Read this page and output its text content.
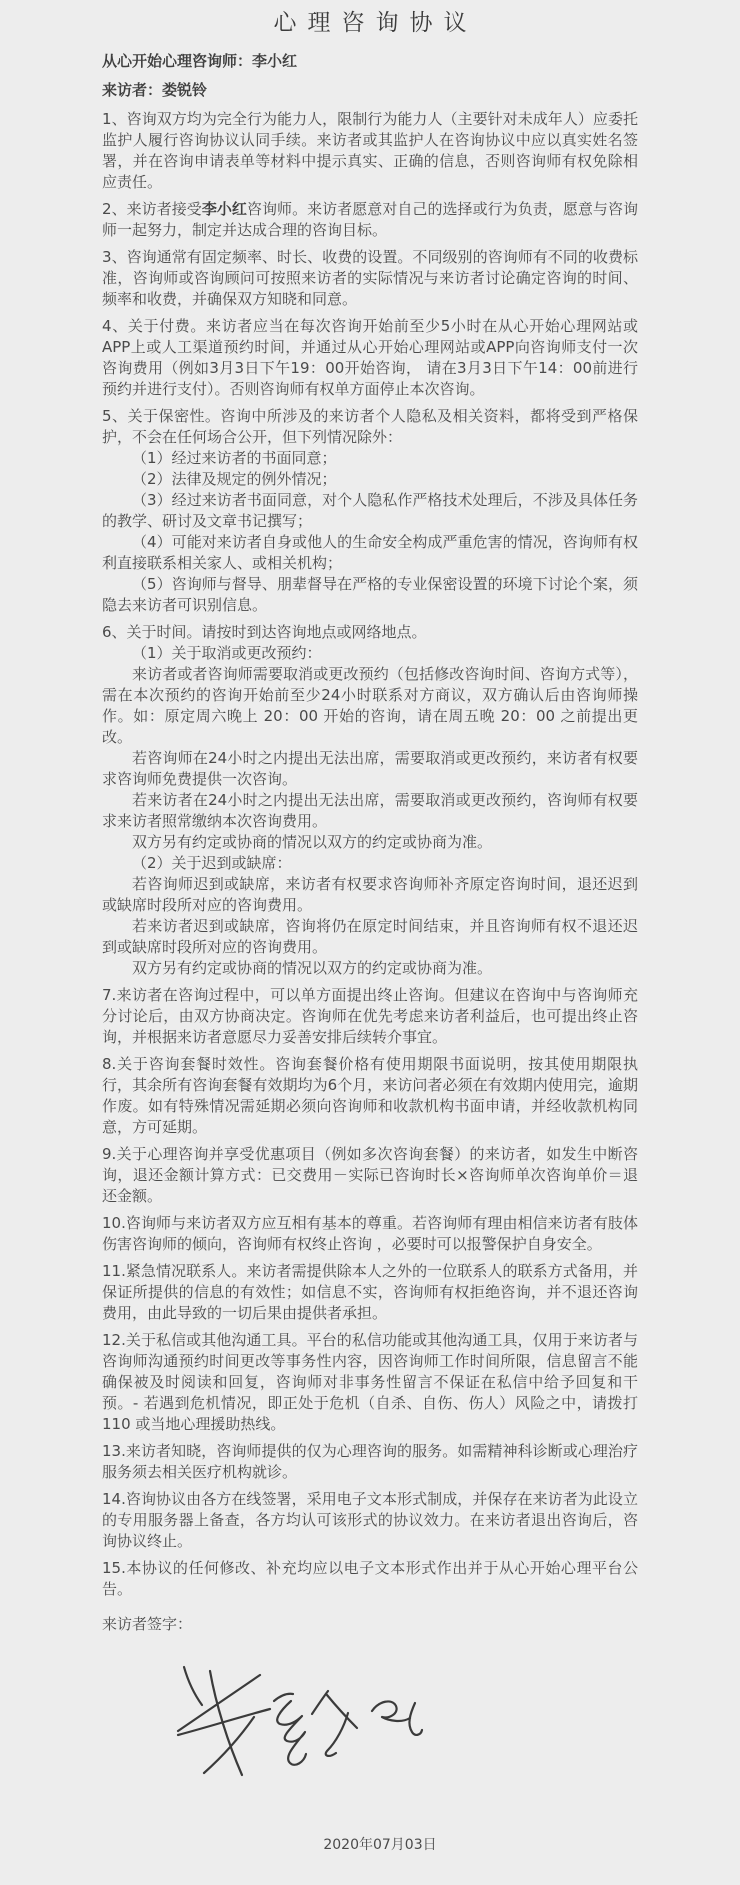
心理咨询协议

从心开始心理咨询师：李小红

来访者：娄锐铃

1、咨询双方均为完全行为能力人，限制行为能力人（主要针对未成年人）应委托监护人履行咨询协议认同手续。来访者或其监护人在咨询协议中应以真实姓名签署，并在咨询申请表单等材料中提示真实、正确的信息，否则咨询师有权免除相应责任。

2、来访者接受李小红咨询师。来访者愿意对自己的选择或行为负责，愿意与咨询师一起努力，制定并达成合理的咨询目标。

3、咨询通常有固定频率、时长、收费的设置。不同级别的咨询师有不同的收费标准，咨询师或咨询顾问可按照来访者的实际情况与来访者讨论确定咨询的时间、频率和收费，并确保双方知晓和同意。

4、关于付费。来访者应当在每次咨询开始前至少5小时在从心开始心理网站或APP上或人工渠道预约时间，并通过从心开始心理网站或APP向咨询师支付一次咨询费用（例如3月3日下午19：00开始咨询， 请在3月3日下午14：00前进行预约并进行支付）。否则咨询师有权单方面停止本次咨询。

5、关于保密性。咨询中所涉及的来访者个人隐私及相关资料，都将受到严格保护，不会在任何场合公开，但下列情况除外：

（1）经过来访者的书面同意；

（2）法律及规定的例外情况；

（3）经过来访者书面同意，对个人隐私作严格技术处理后，不涉及具体任务的教学、研讨及文章书记撰写；

（4）可能对来访者自身或他人的生命安全构成严重危害的情况，咨询师有权利直接联系相关家人、或相关机构；

（5）咨询师与督导、朋辈督导在严格的专业保密设置的环境下讨论个案，须隐去来访者可识别信息。

6、关于时间。请按时到达咨询地点或网络地点。

（1）关于取消或更改预约：

来访者或者咨询师需要取消或更改预约（包括修改咨询时间、咨询方式等），需在本次预约的咨询开始前至少24小时联系对方商议，双方确认后由咨询师操作。如：原定周六晚上 20：00 开始的咨询，请在周五晚 20：00 之前提出更改。

若咨询师在24小时之内提出无法出席，需要取消或更改预约，来访者有权要求咨询师免费提供一次咨询。

若来访者在24小时之内提出无法出席，需要取消或更改预约，咨询师有权要求来访者照常缴纳本次咨询费用。

双方另有约定或协商的情况以双方的约定或协商为准。

（2）关于迟到或缺席：

若咨询师迟到或缺席，来访者有权要求咨询师补齐原定咨询时间，退还迟到或缺席时段所对应的咨询费用。

若来访者迟到或缺席，咨询将仍在原定时间结束，并且咨询师有权不退还迟到或缺席时段所对应的咨询费用。

双方另有约定或协商的情况以双方的约定或协商为准。

7.来访者在咨询过程中，可以单方面提出终止咨询。但建议在咨询中与咨询师充分讨论后，由双方协商决定。咨询师在优先考虑来访者利益后，也可提出终止咨询，并根据来访者意愿尽力妥善安排后续转介事宜。

8.关于咨询套餐时效性。咨询套餐价格有使用期限书面说明，按其使用期限执行，其余所有咨询套餐有效期均为6个月，来访问者必须在有效期内使用完，逾期作废。如有特殊情况需延期必须向咨询师和收款机构书面申请，并经收款机构同意，方可延期。

9.关于心理咨询并享受优惠项目（例如多次咨询套餐）的来访者，如发生中断咨询，退还金额计算方式：已交费用－实际已咨询时长×咨询师单次咨询单价＝退还金额。

10.咨询师与来访者双方应互相有基本的尊重。若咨询师有理由相信来访者有肢体伤害咨询师的倾向，咨询师有权终止咨询 ，必要时可以报警保护自身安全。

11.紧急情况联系人。来访者需提供除本人之外的一位联系人的联系方式备用，并保证所提供的信息的有效性；如信息不实，咨询师有权拒绝咨询，并不退还咨询费用，由此导致的一切后果由提供者承担。

12.关于私信或其他沟通工具。平台的私信功能或其他沟通工具，仅用于来访者与咨询师沟通预约时间更改等事务性内容，因咨询师工作时间所限，信息留言不能确保被及时阅读和回复，咨询师对非事务性留言不保证在私信中给予回复和干预。- 若遇到危机情况，即正处于危机（自杀、自伤、伤人）风险之中，请拨打 110 或当地心理援助热线。

13.来访者知晓，咨询师提供的仅为心理咨询的服务。如需精神科诊断或心理治疗服务须去相关医疗机构就诊。

14.咨询协议由各方在线签署，采用电子文本形式制成，并保存在来访者为此设立的专用服务器上备查，各方均认可该形式的协议效力。在来访者退出咨询后，咨询协议终止。

15.本协议的任何修改、补充均应以电子文本形式作出并于从心开始心理平台公告。

来访者签字：

2020年07月03日
